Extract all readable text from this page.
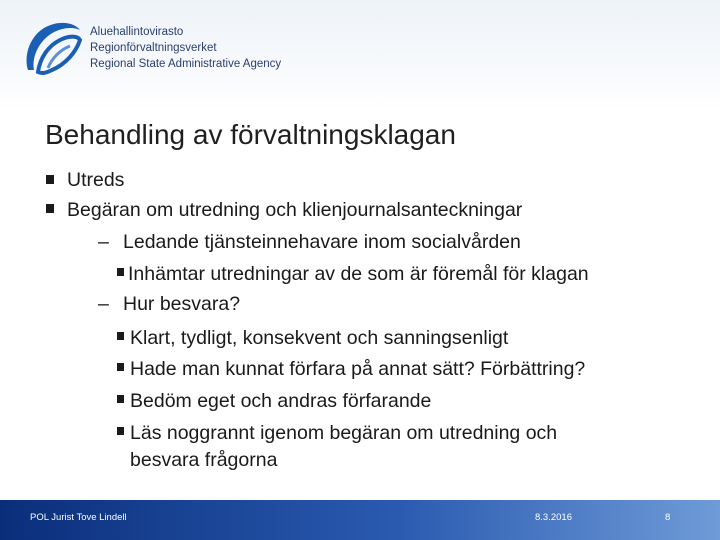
Aluehallintovirasto
Regionförvaltningsverket
Regional State Administrative Agency
Behandling av förvaltningsklagan
Utreds
Begäran om utredning och klienjournalsanteckningar
– Ledande tjänsteinnehavare inom socialvården
Inhämtar utredningar av de som är föremål för klagan
– Hur besvara?
Klart, tydligt, konsekvent och sanningsenligt
Hade man kunnat förfara på annat sätt? Förbättring?
Bedöm eget och andras förfarande
Läs noggrannt igenom begäran om utredning och
besvara frågorna
POL Jurist Tove Lindell	8.3.2016	8
